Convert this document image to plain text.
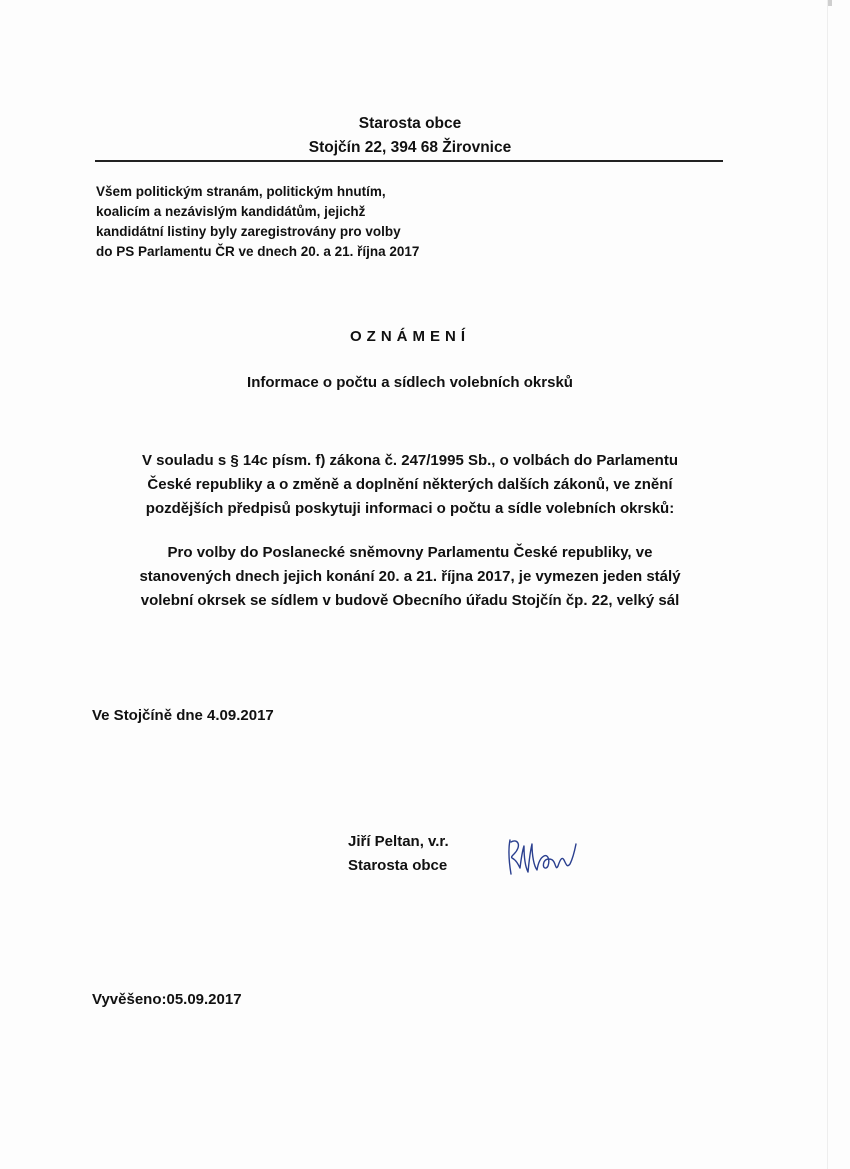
Starosta obce
Stojčín 22, 394 68 Žirovnice
Všem politickým stranám, politickým hnutím,
koalicím a nezávislým kandidátům, jejichž
kandidátní listiny byly zaregistrovány pro volby
do PS Parlamentu ČR ve dnech 20. a 21. října 2017
OZNÁMENÍ
Informace o počtu a sídlech volebních okrsků
V souladu s § 14c písm. f) zákona č. 247/1995 Sb., o volbách do Parlamentu
České republiky a o změně a doplnění některých dalších zákonů, ve znění
pozdějších předpisů poskytuji informaci o počtu a sídle volebních okrsků:
Pro volby do Poslanecké sněmovny Parlamentu České republiky, ve
stanovených dnech jejich konání 20. a 21. října 2017, je vymezen jeden stálý
volební okrsek se sídlem v budově Obecního úřadu Stojčín čp. 22, velký sál
Ve Stojčíně dne 4.09.2017
Jiří Peltan, v.r.
Starosta obce
Vyvěšeno:05.09.2017
